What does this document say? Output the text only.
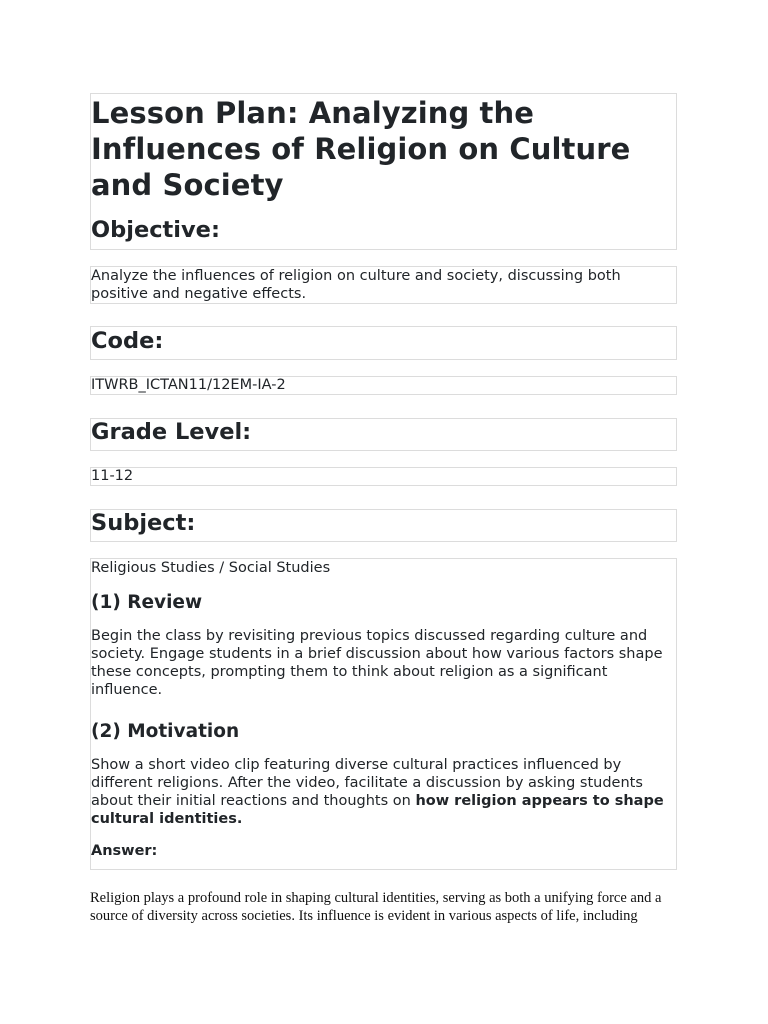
Lesson Plan: Analyzing the Influences of Religion on Culture and Society
Objective:

Analyze the influences of religion on culture and society, discussing both positive and negative effects.

Code:

ITWRB_ICTAN11/12EM-IA-2

Grade Level:

11-12

Subject:

Religious Studies / Social Studies

(1) Review

Begin the class by revisiting previous topics discussed regarding culture and society. Engage students in a brief discussion about how various factors shape these concepts, prompting them to think about religion as a significant influence.

(2) Motivation

Show a short video clip featuring diverse cultural practices influenced by different religions. After the video, facilitate a discussion by asking students about their initial reactions and thoughts on how religion appears to shape cultural identities.

Answer:

Religion plays a profound role in shaping cultural identities, serving as both a unifying force and a source of diversity across societies. Its influence is evident in various aspects of life, including
